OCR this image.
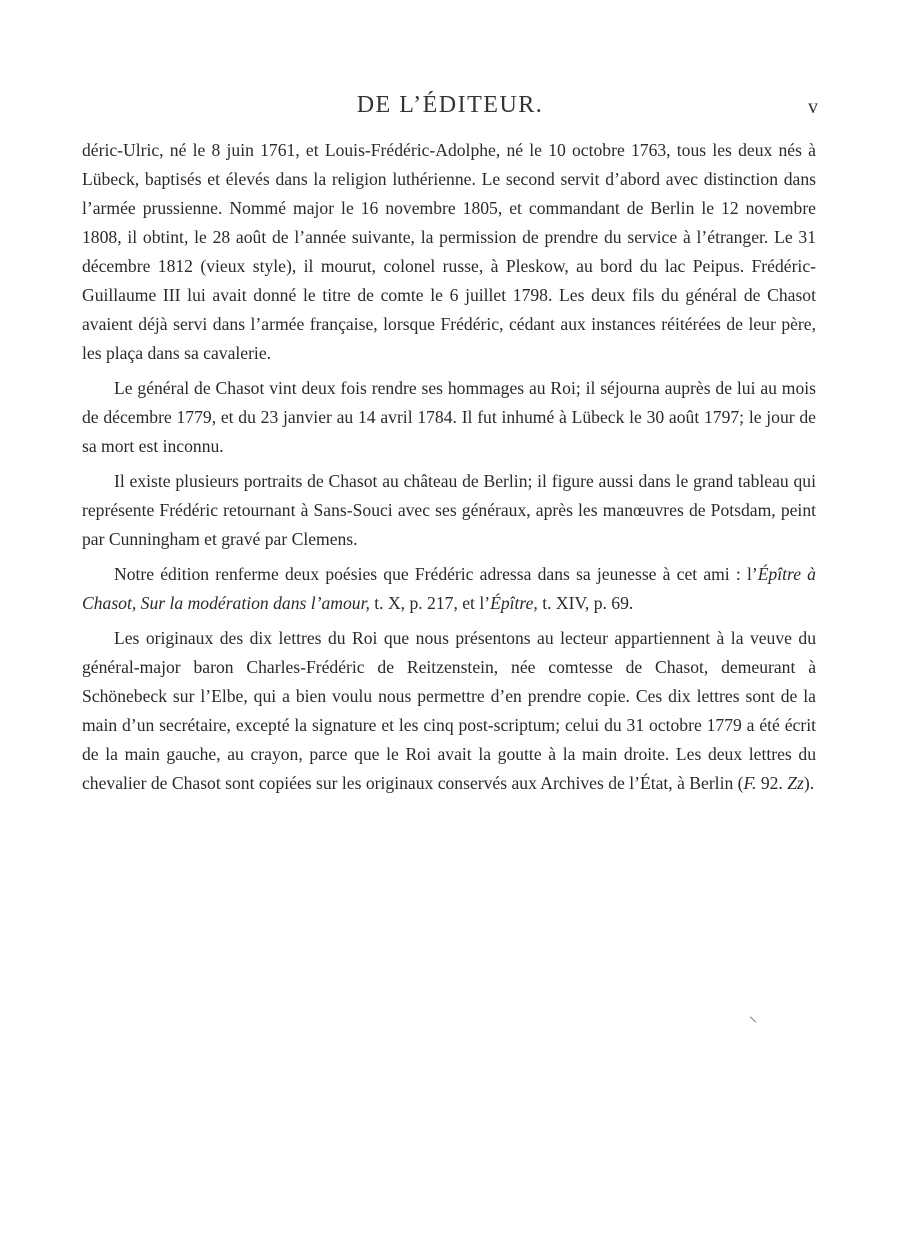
DE L’ÉDITEUR.	v

déric-Ulric, né le 8 juin 1761, et Louis-Frédéric-Adolphe, né le 10 octobre 1763, tous les deux nés à Lübeck, baptisés et élevés dans la religion luthérienne. Le second servit d’abord avec distinction dans l’armée prussienne. Nommé major le 16 novembre 1805, et commandant de Berlin le 12 novembre 1808, il obtint, le 28 août de l’année suivante, la permission de prendre du service à l’étranger. Le 31 décembre 1812 (vieux style), il mourut, colonel russe, à Pleskow, au bord du lac Peipus. Frédéric-Guillaume III lui avait donné le titre de comte le 6 juillet 1798. Les deux fils du général de Chasot avaient déjà servi dans l’armée française, lorsque Frédéric, cédant aux instances réitérées de leur père, les plaça dans sa cavalerie.

Le général de Chasot vint deux fois rendre ses hommages au Roi; il séjourna auprès de lui au mois de décembre 1779, et du 23 janvier au 14 avril 1784. Il fut inhumé à Lübeck le 30 août 1797; le jour de sa mort est inconnu.

Il existe plusieurs portraits de Chasot au château de Berlin; il figure aussi dans le grand tableau qui représente Frédéric retournant à Sans-Souci avec ses généraux, après les manœuvres de Potsdam, peint par Cunningham et gravé par Clemens.

Notre édition renferme deux poésies que Frédéric adressa dans sa jeunesse à cet ami : l’Épître à Chasot, Sur la modération dans l’amour, t. X, p. 217, et l’Épître, t. XIV, p. 69.

Les originaux des dix lettres du Roi que nous présentons au lecteur appartiennent à la veuve du général-major baron Charles-Frédéric de Reitzenstein, née comtesse de Chasot, demeurant à Schönebeck sur l’Elbe, qui a bien voulu nous permettre d’en prendre copie. Ces dix lettres sont de la main d’un secrétaire, excepté la signature et les cinq post-scriptum; celui du 31 octobre 1779 a été écrit de la main gauche, au crayon, parce que le Roi avait la goutte à la main droite. Les deux lettres du chevalier de Chasot sont copiées sur les originaux conservés aux Archives de l’État, à Berlin (F. 92. Zz).
